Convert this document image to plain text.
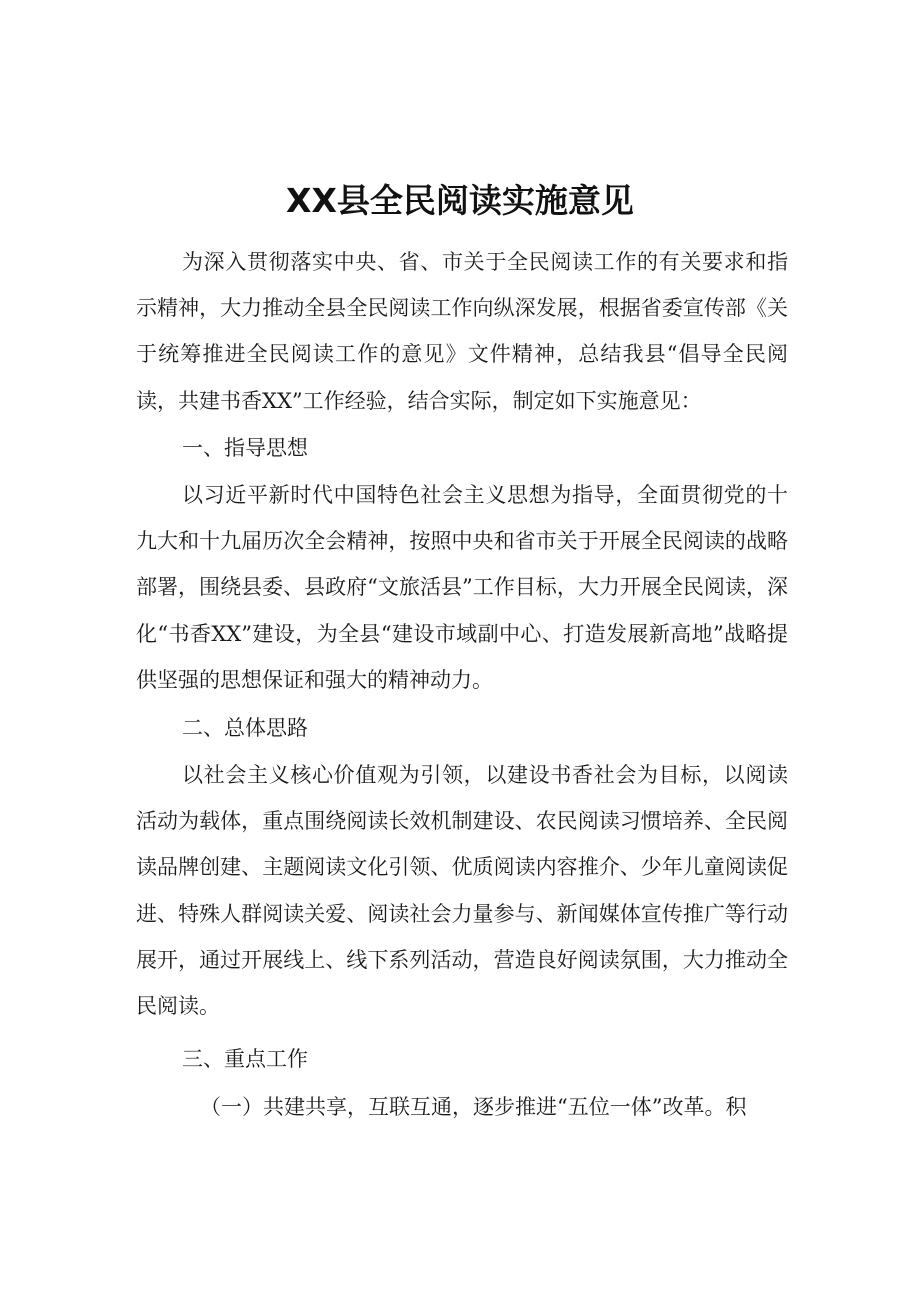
XX县全民阅读实施意见

为深入贯彻落实中央、省、市关于全民阅读工作的有关要求和指示精神，大力推动全县全民阅读工作向纵深发展，根据省委宣传部《关于统筹推进全民阅读工作的意见》文件精神，总结我县“倡导全民阅读，共建书香XX”工作经验，结合实际，制定如下实施意见：

一、指导思想

以习近平新时代中国特色社会主义思想为指导，全面贯彻党的十九大和十九届历次全会精神，按照中央和省市关于开展全民阅读的战略部署，围绕县委、县政府“文旅活县”工作目标，大力开展全民阅读，深化“书香XX”建设，为全县“建设市域副中心、打造发展新高地”战略提供坚强的思想保证和强大的精神动力。

二、总体思路

以社会主义核心价值观为引领，以建设书香社会为目标，以阅读活动为载体，重点围绕阅读长效机制建设、农民阅读习惯培养、全民阅读品牌创建、主题阅读文化引领、优质阅读内容推介、少年儿童阅读促进、特殊人群阅读关爱、阅读社会力量参与、新闻媒体宣传推广等行动展开，通过开展线上、线下系列活动，营造良好阅读氛围，大力推动全民阅读。

三、重点工作

（一）共建共享，互联互通，逐步推进“五位一体”改革。积
